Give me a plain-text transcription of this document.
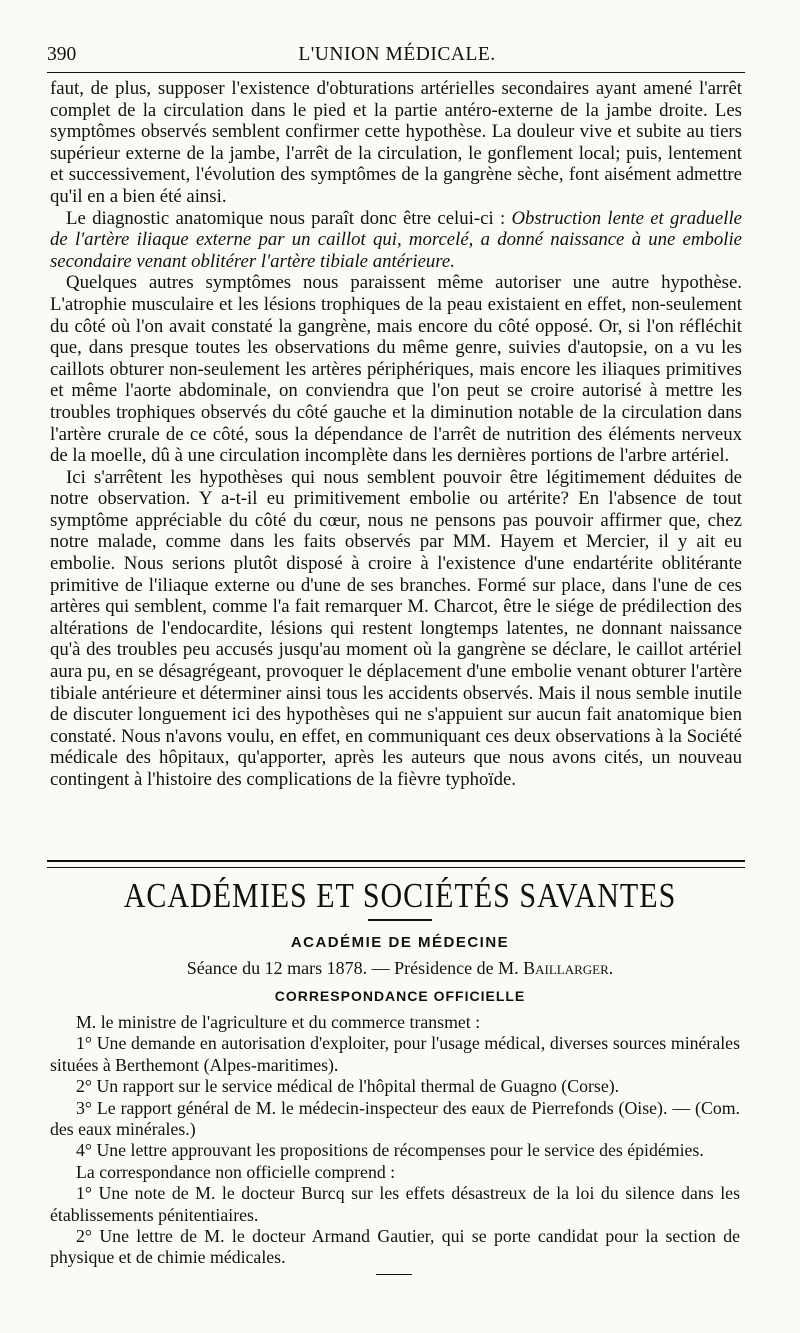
390	L'UNION MÉDICALE.

faut, de plus, supposer l'existence d'obturations artérielles secondaires ayant amené l'arrêt complet de la circulation dans le pied et la partie antéro-externe de la jambe droite. Les symptômes observés semblent confirmer cette hypothèse. La douleur vive et subite au tiers supérieur externe de la jambe, l'arrêt de la circulation, le gonflement local; puis, lentement et successivement, l'évolution des symptômes de la gangrène sèche, font aisément admettre qu'il en a bien été ainsi.

Le diagnostic anatomique nous paraît donc être celui-ci : Obstruction lente et graduelle de l'artère iliaque externe par un caillot qui, morcelé, a donné naissance à une embolie secondaire venant oblitérer l'artère tibiale antérieure.

Quelques autres symptômes nous paraissent même autoriser une autre hypothèse. L'atrophie musculaire et les lésions trophiques de la peau existaient en effet, non-seulement du côté où l'on avait constaté la gangrène, mais encore du côté opposé. Or, si l'on réfléchit que, dans presque toutes les observations du même genre, suivies d'autopsie, on a vu les caillots obturer non-seulement les artères périphériques, mais encore les iliaques primitives et même l'aorte abdominale, on conviendra que l'on peut se croire autorisé à mettre les troubles trophiques observés du côté gauche et la diminution notable de la circulation dans l'artère crurale de ce côté, sous la dépendance de l'arrêt de nutrition des éléments nerveux de la moelle, dû à une circulation incomplète dans les dernières portions de l'arbre artériel.

Ici s'arrêtent les hypothèses qui nous semblent pouvoir être légitimement déduites de notre observation. Y a-t-il eu primitivement embolie ou artérite? En l'absence de tout symptôme appréciable du côté du cœur, nous ne pensons pas pouvoir affirmer que, chez notre malade, comme dans les faits observés par MM. Hayem et Mercier, il y ait eu embolie. Nous serions plutôt disposé à croire à l'existence d'une endartérite oblitérante primitive de l'iliaque externe ou d'une de ses branches. Formé sur place, dans l'une de ces artères qui semblent, comme l'a fait remarquer M. Charcot, être le siége de prédilection des altérations de l'endocardite, lésions qui restent longtemps latentes, ne donnant naissance qu'à des troubles peu accusés jusqu'au moment où la gangrène se déclare, le caillot artériel aura pu, en se désagrégeant, provoquer le déplacement d'une embolie venant obturer l'artère tibiale antérieure et déterminer ainsi tous les accidents observés. Mais il nous semble inutile de discuter longuement ici des hypothèses qui ne s'appuient sur aucun fait anatomique bien constaté. Nous n'avons voulu, en effet, en communiquant ces deux observations à la Société médicale des hôpitaux, qu'apporter, après les auteurs que nous avons cités, un nouveau contingent à l'histoire des complications de la fièvre typhoïde.

ACADÉMIES ET SOCIÉTÉS SAVANTES
ACADÉMIE DE MÉDECINE
Séance du 12 mars 1878. — Présidence de M. Baillarger.
CORRESPONDANCE OFFICIELLE

M. le ministre de l'agriculture et du commerce transmet :

1° Une demande en autorisation d'exploiter, pour l'usage médical, diverses sources minérales situées à Berthemont (Alpes-maritimes).

2° Un rapport sur le service médical de l'hôpital thermal de Guagno (Corse).

3° Le rapport général de M. le médecin-inspecteur des eaux de Pierrefonds (Oise). — (Com. des eaux minérales.)

4° Une lettre approuvant les propositions de récompenses pour le service des épidémies.

La correspondance non officielle comprend :

1° Une note de M. le docteur Burcq sur les effets désastreux de la loi du silence dans les établissements pénitentiaires.

2° Une lettre de M. le docteur Armand Gautier, qui se porte candidat pour la section de physique et de chimie médicales.
